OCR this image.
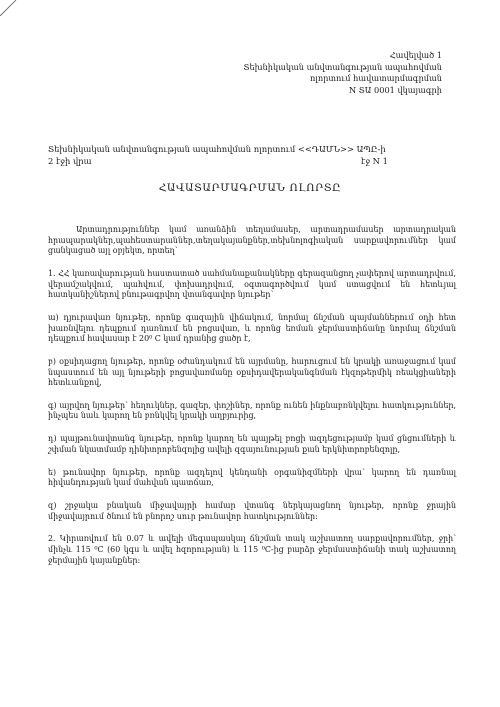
Հավելված 1
Տեխնիկական անվտանգության ապահովման
ոլորտում հավատարմագրման
N ՏԱ 0001 վկայագրի
Տեխնիկական անվտանգության ապահովման ոլորտում <<ԴԱՄՆ>> ԱՊԸ-ի
2 էջի վրա	էջ N 1
ՀԱՎԱՏԱՐՄԱԳՐՄԱՆ ՈԼՈՐՏԸ

Արտադրություններ կամ առանձին տեղամասեր, արտադրամասեր արտադրական հրապարակներ,պահեստարաններ,տեղակայանքներ,տեխնոլոգիական սարքավորումներ կամ ցանկացած այլ օբյեկտ, որտեղ՝

1. ՀՀ կառավարության հաստատած սահմանաքանակները գերազանցող չափերով արտադրվում, վերամշակվում, պահվում, փոխադրվում, օգտագործվում կամ ստացվում են հետևյալ հատկանիշներով բնութագրվող վտանգավոր նյութեր՝

ա) դյուրավառ նյութեր, որոնք գազային վիճակում, նորմալ ճնշման պայմաններում օդի հետ խառնվելու դեպքում դառնում են բոցավառ, և որոնց եռման ջերմաստիճանը նորմալ ճնշման դեպքում հավասար է 20⁰ C կամ դրանից ցածր է,

բ) օքսիդացող նյութեր, որոնք օժանդակում են այրմանը, հարուցում են կրակի առաջացում կամ նպաստում են այլ նյութերի բոցավառմանը օքսիդավերականգնման էկզոթերմիկ ռեակցիաների հետևանքով,

գ) այրվող նյութեր՝ հեղուկներ, գազեր, փոշիներ, որոնք ունեն ինքնաբռնկվելու հատկություններ, ինչպես նաև կարող են բռնկվել կրակի աղբյուրից,

դ) պայթունավտանգ նյութեր, որոնք կարող են պայթել բոցի ազդեցությամբ կամ ցնցումների և շփման նկատմամբ դինիտրոբենզոլից ավելի զգայունության քան երկնիտրոբենզոլը,

ե) թունավոր նյութեր, որոնք ազդելով կենդանի օրգանիզմների վրա՝ կարող են դառնալ հիվանդության կամ մահվան պատճառ,

զ) շրջակա բնական միջավայրի համար վտանգ ներկայացնող նյութեր, որոնք ջրային միջավայրում ծնում են բնորոշ սուր թունավոր հատկություններ:

2. Կիրառվում են 0.07 և ավելի մեգապասկալ ճնշման տակ աշխատող սարքավորումներ, ջրի՝ մինչև 115 ⁰C (60 կգս և ավել հզորության) և 115 ⁰C-ից բարձր ջերմաստիճանի տակ աշխատող ջերմային կայանքներ:
